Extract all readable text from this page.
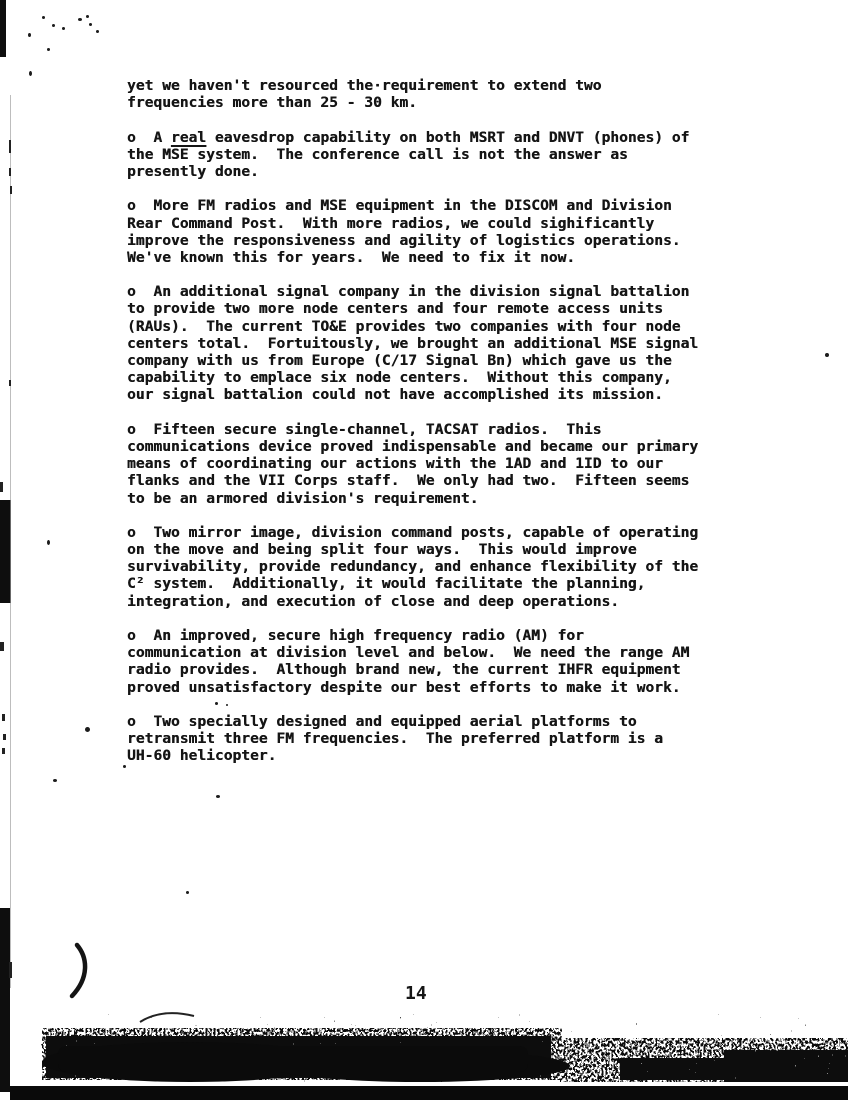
yet we haven't resourced the·requirement to extend two
frequencies more than 25 - 30 km.

o  A real eavesdrop capability on both MSRT and DNVT (phones) of
the MSE system.  The conference call is not the answer as
presently done.

o  More FM radios and MSE equipment in the DISCOM and Division
Rear Command Post.  With more radios, we could sighificantly
improve the responsiveness and agility of logistics operations.
We've known this for years.  We need to fix it now.

o  An additional signal company in the division signal battalion
to provide two more node centers and four remote access units
(RAUs).  The current TO&E provides two companies with four node
centers total.  Fortuitously, we brought an additional MSE signal
company with us from Europe (C/17 Signal Bn) which gave us the
capability to emplace six node centers.  Without this company,
our signal battalion could not have accomplished its mission.

o  Fifteen secure single-channel, TACSAT radios.  This
communications device proved indispensable and became our primary
means of coordinating our actions with the 1AD and 1ID to our
flanks and the VII Corps staff.  We only had two.  Fifteen seems
to be an armored division's requirement.

o  Two mirror image, division command posts, capable of operating
on the move and being split four ways.  This would improve
survivability, provide redundancy, and enhance flexibility of the
C² system.  Additionally, it would facilitate the planning,
integration, and execution of close and deep operations.

o  An improved, secure high frequency radio (AM) for
communication at division level and below.  We need the range AM
radio provides.  Although brand new, the current IHFR equipment
proved unsatisfactory despite our best efforts to make it work.

o  Two specially designed and equipped aerial platforms to
retransmit three FM frequencies.  The preferred platform is a
UH-60 helicopter.
14
